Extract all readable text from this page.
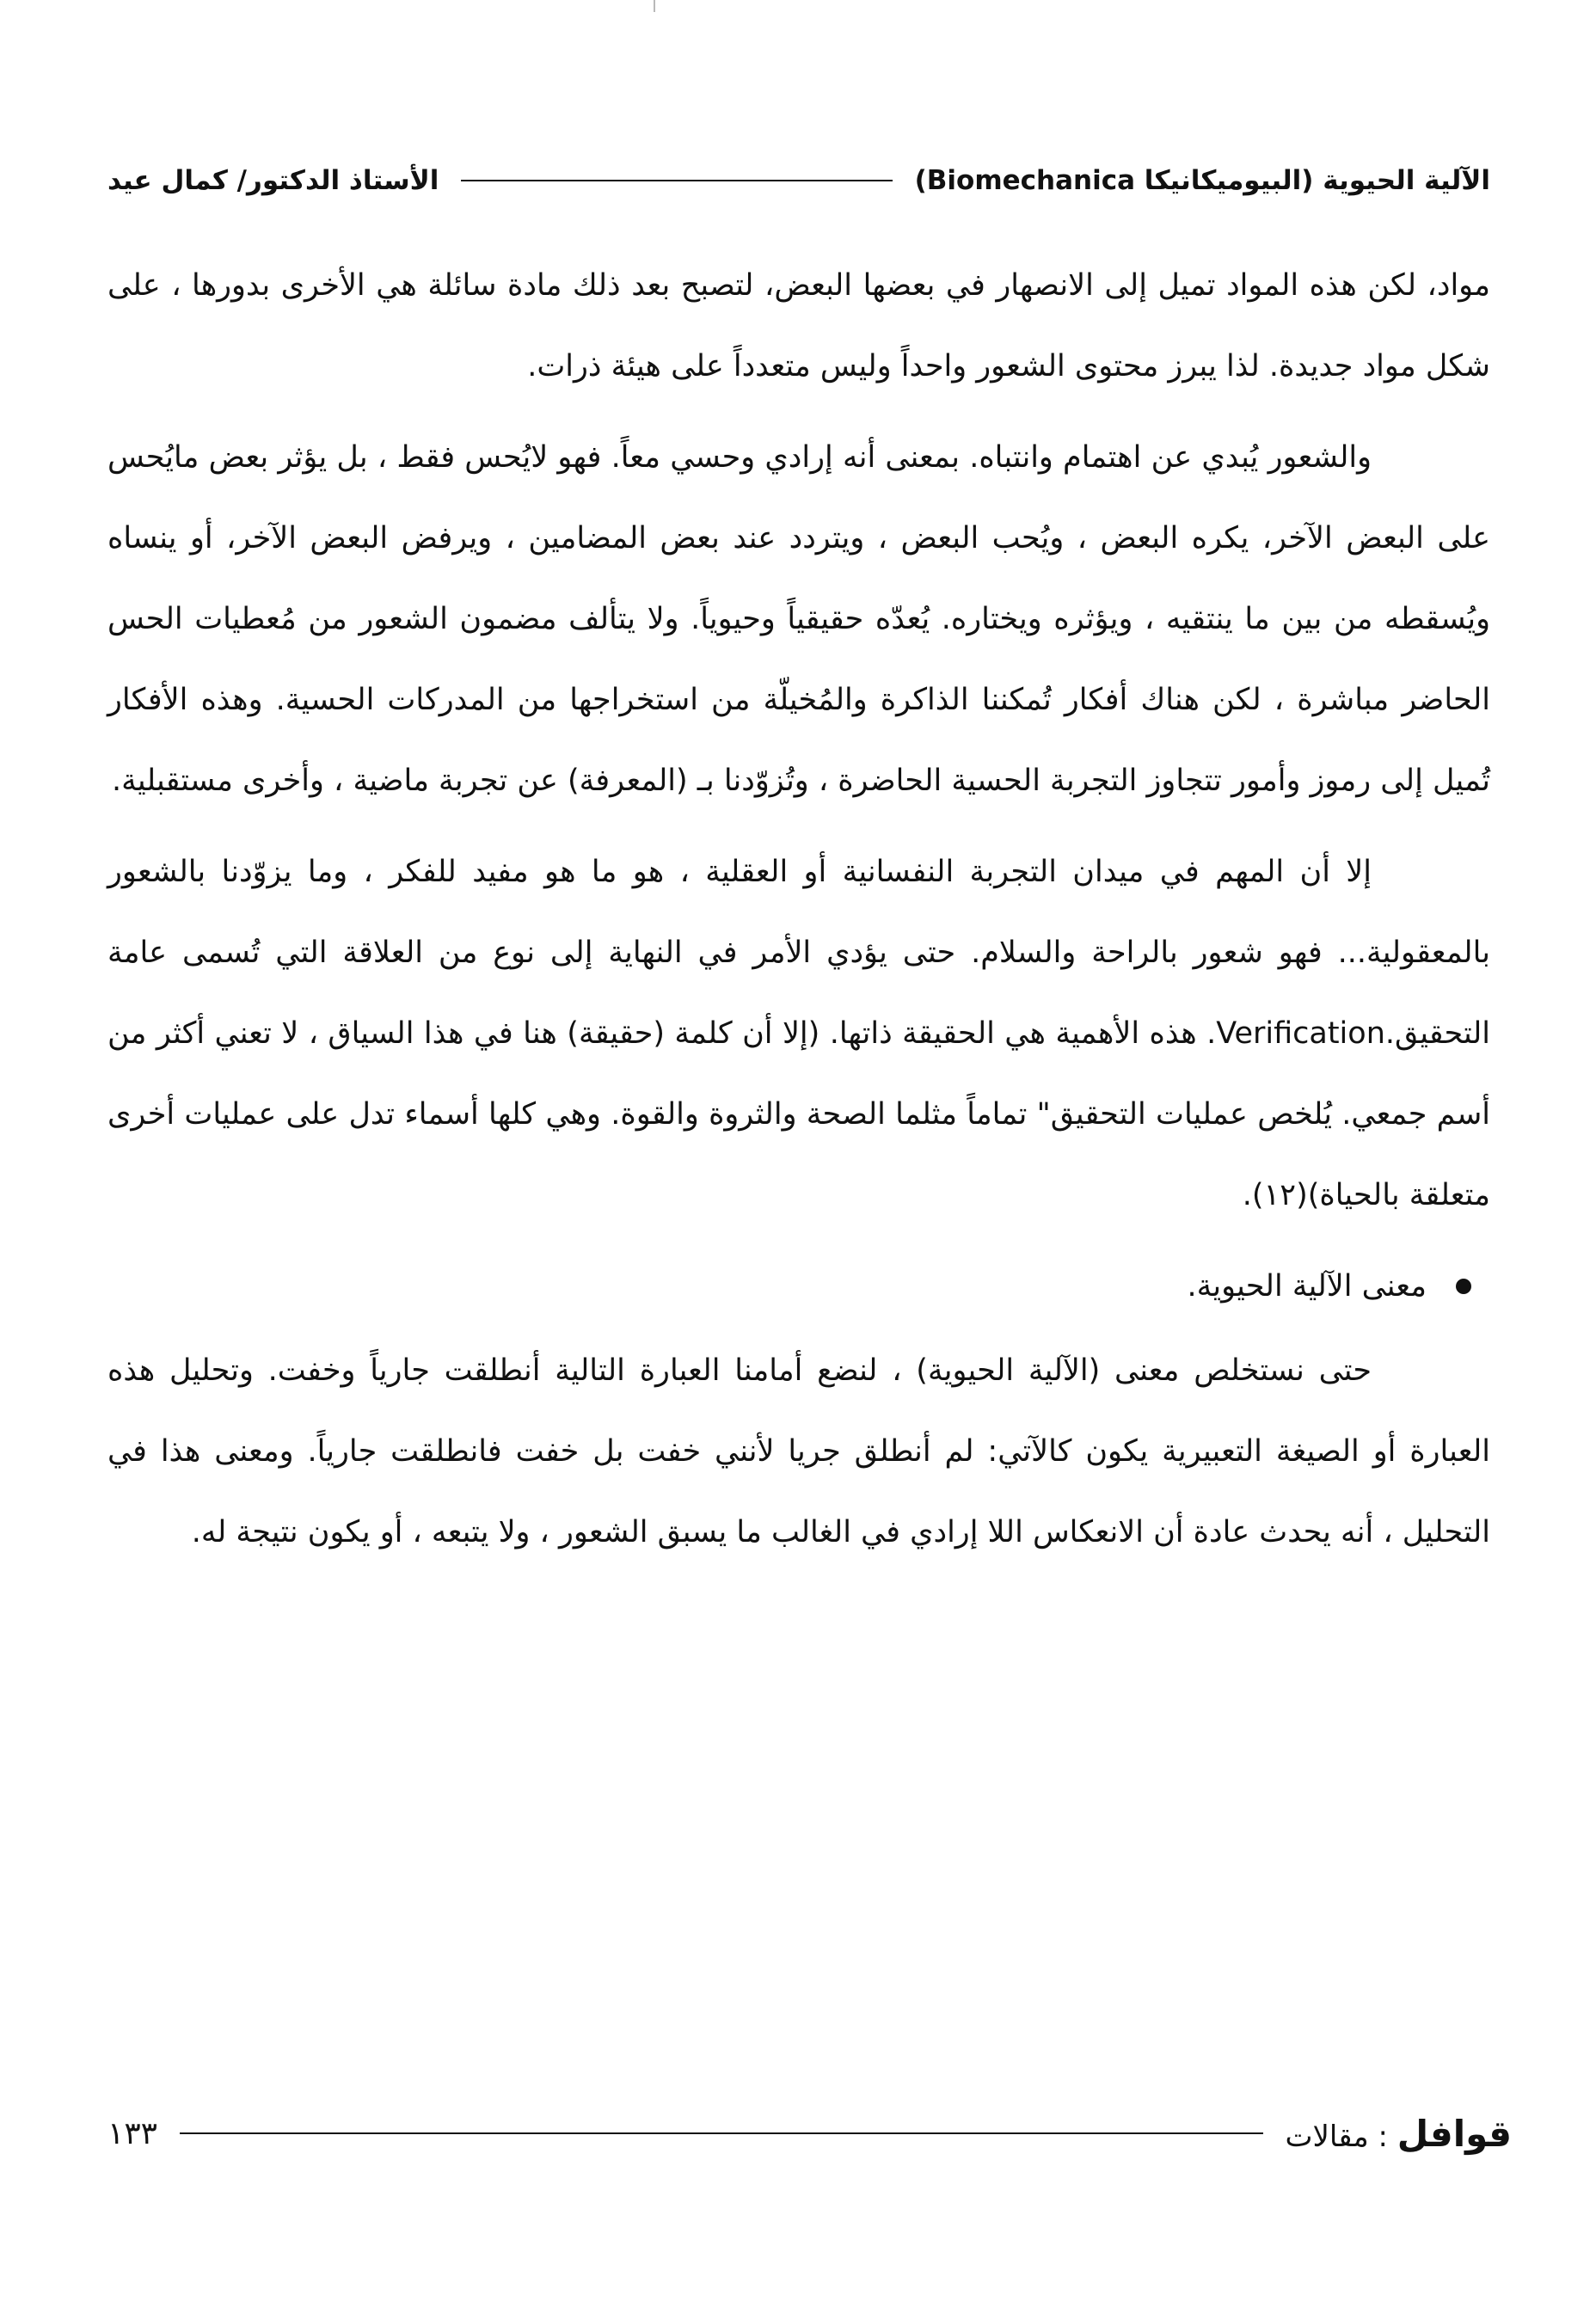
الآلية الحيوية (البيوميكانيكا Biomechanica)
الأستاذ الدكتور/ كمال عيد

مواد، لكن هذه المواد تميل إلى الانصهار في بعضها البعض، لتصبح بعد ذلك مادة سائلة هي الأخرى بدورها ، على شكل مواد جديدة. لذا يبرز محتوى الشعور واحداً وليس متعدداً على هيئة ذرات.

والشعور يُبدي عن اهتمام وانتباه. بمعنى أنه إرادي وحسي معاً. فهو لايُحس فقط ، بل يؤثر بعض مايُحس على البعض الآخر، يكره البعض ، ويُحب البعض ، ويتردد عند بعض المضامين ، ويرفض البعض الآخر، أو ينساه ويُسقطه من بين ما ينتقيه ، ويؤثره ويختاره. يُعدّه حقيقياً وحيوياً. ولا يتألف مضمون الشعور من مُعطيات الحس الحاضر مباشرة ، لكن هناك أفكار تُمكننا الذاكرة والمُخيلّة من استخراجها من المدركات الحسية. وهذه الأفكار تُميل إلى رموز وأمور تتجاوز التجربة الحسية الحاضرة ، وتُزوّدنا بـ (المعرفة) عن تجربة ماضية ، وأخرى مستقبلية.

إلا أن المهم في ميدان التجربة النفسانية أو العقلية ، هو ما هو مفيد للفكر ، وما يزوّدنا بالشعور بالمعقولية... فهو شعور بالراحة والسلام. حتى يؤدي الأمر في النهاية إلى نوع من العلاقة التي تُسمى عامة التحقيق.Verification. هذه الأهمية هي الحقيقة ذاتها. (إلا أن كلمة (حقيقة) هنا في هذا السياق ، لا تعني أكثر من أسم جمعي. يُلخص عمليات التحقيق" تماماً مثلما الصحة والثروة والقوة. وهي كلها أسماء تدل على عمليات أخرى متعلقة بالحياة)(١٢).

معنى الآلية الحيوية.

حتى نستخلص معنى (الآلية الحيوية) ، لنضع أمامنا العبارة التالية أنطلقت جارياً وخفت. وتحليل هذه العبارة أو الصيغة التعبيرية يكون كالآتي: لم أنطلق جريا لأنني خفت بل خفت فانطلقت جارياً. ومعنى هذا في التحليل ، أنه يحدث عادة أن الانعكاس اللا إرادي في الغالب ما يسبق الشعور ، ولا يتبعه ، أو يكون نتيجة له.

قوافل : مقالات
١٣٣
